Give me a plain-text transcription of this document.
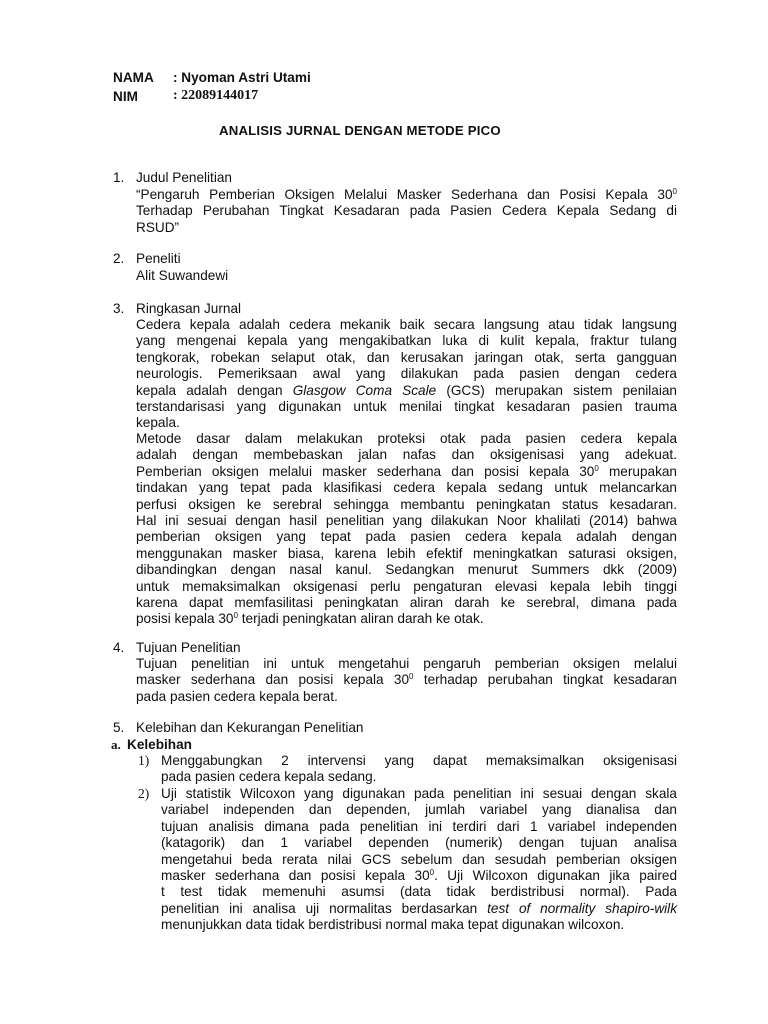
NAMA : Nyoman Astri Utami
NIM	: 22089144017
ANALISIS JURNAL DENGAN METODE PICO
1. Judul Penelitian
“Pengaruh Pemberian Oksigen Melalui Masker Sederhana dan Posisi Kepala $30^0$
Terhadap Perubahan Tingkat Kesadaran pada Pasien Cedera Kepala Sedang di
RSUD”
2. Peneliti
Alit Suwandewi
3. Ringkasan Jurnal
Cedera kepala adalah cedera mekanik baik secara langsung atau tidak langsung
yang mengenai kepala yang mengakibatkan luka di kulit kepala, fraktur tulang
tengkorak, robekan selaput otak, dan kerusakan jaringan otak, serta gangguan
neurologis. Pemeriksaan awal yang dilakukan pada pasien dengan cedera
kepala adalah dengan Glasgow Coma Scale (GCS) merupakan sistem penilaian
terstandarisasi yang digunakan untuk menilai tingkat kesadaran pasien trauma
kepala.
Metode dasar dalam melakukan proteksi otak pada pasien cedera kepala
adalah dengan membebaskan jalan nafas dan oksigenisasi yang adekuat.
Pemberian oksigen melalui masker sederhana dan posisi kepala $30^0$ merupakan
tindakan yang tepat pada klasifikasi cedera kepala sedang untuk melancarkan
perfusi oksigen ke serebral sehingga membantu peningkatan status kesadaran.
Hal ini sesuai dengan hasil penelitian yang dilakukan Noor khalilati (2014) bahwa
pemberian oksigen yang tepat pada pasien cedera kepala adalah dengan
menggunakan masker biasa, karena lebih efektif meningkatkan saturasi oksigen,
dibandingkan dengan nasal kanul. Sedangkan menurut Summers dkk (2009)
untuk memaksimalkan oksigenasi perlu pengaturan elevasi kepala lebih tinggi
karena dapat memfasilitasi peningkatan aliran darah ke serebral, dimana pada
posisi kepala $30^0$ terjadi peningkatan aliran darah ke otak.
4. Tujuan Penelitian
Tujuan penelitian ini untuk mengetahui pengaruh pemberian oksigen melalui
masker sederhana dan posisi kepala $30^0$ terhadap perubahan tingkat kesadaran
pada pasien cedera kepala berat.
5. Kelebihan dan Kekurangan Penelitian
a. Kelebihan
1) Menggabungkan 2 intervensi yang dapat memaksimalkan oksigenisasi
pada pasien cedera kepala sedang.
2) Uji statistik Wilcoxon yang digunakan pada penelitian ini sesuai dengan skala
variabel independen dan dependen, jumlah variabel yang dianalisa dan
tujuan analisis dimana pada penelitian ini terdiri dari 1 variabel independen
(katagorik) dan 1 variabel dependen (numerik) dengan tujuan analisa
mengetahui beda rerata nilai GCS sebelum dan sesudah pemberian oksigen
masker sederhana dan posisi kepala $30^0$. Uji Wilcoxon digunakan jika paired
t test tidak memenuhi asumsi (data tidak berdistribusi normal). Pada
penelitian ini analisa uji normalitas berdasarkan test of normality shapiro-wilk
menunjukkan data tidak berdistribusi normal maka tepat digunakan wilcoxon.
